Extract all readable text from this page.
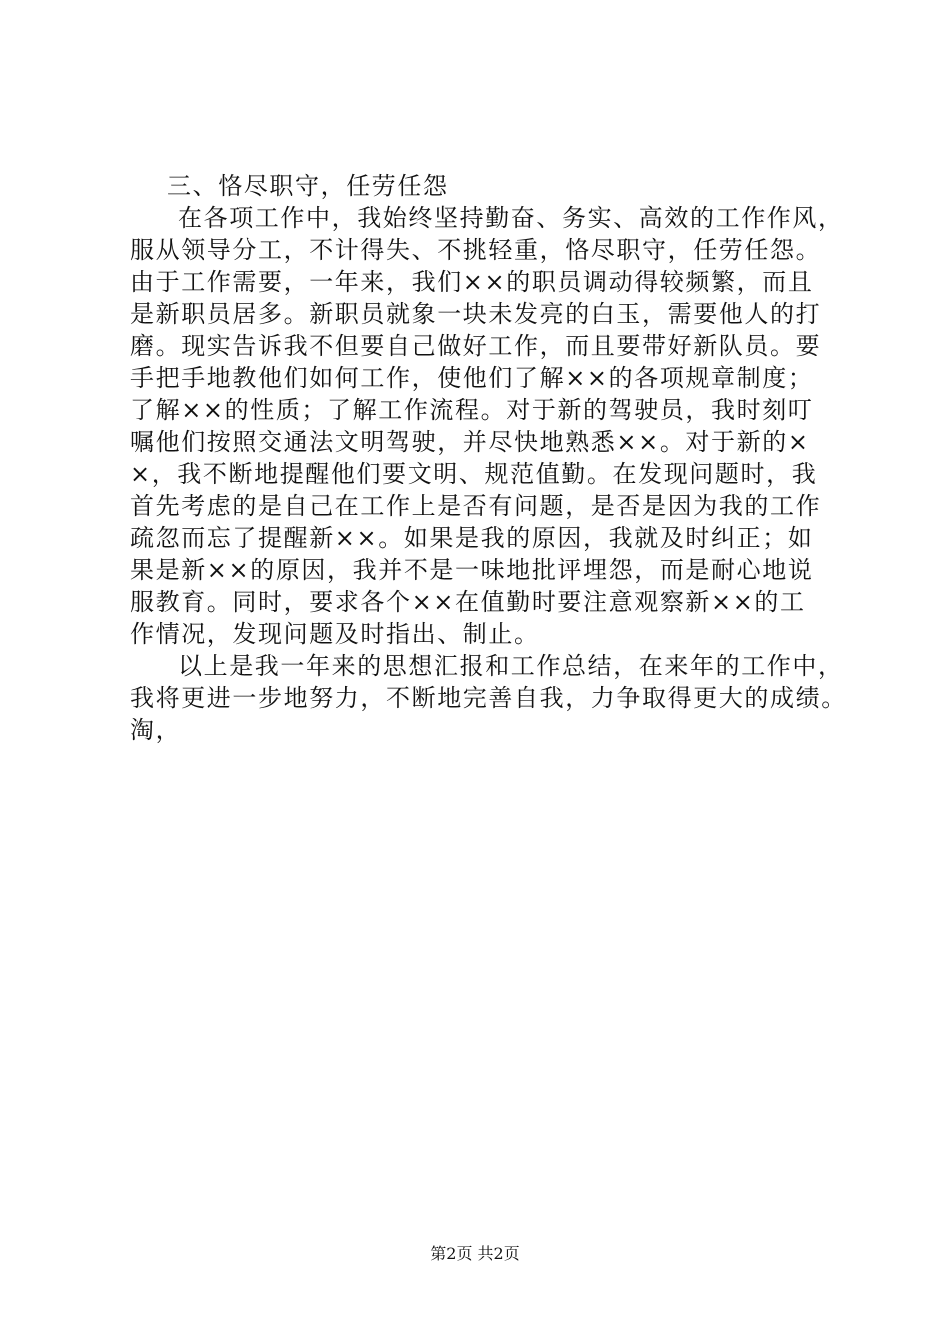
三、恪尽职守，任劳任怨
在各项工作中，我始终坚持勤奋、务实、高效的工作作风，
服从领导分工，不计得失、不挑轻重，恪尽职守，任劳任怨。
由于工作需要，一年来，我们××的职员调动得较频繁，而且
是新职员居多。新职员就象一块未发亮的白玉，需要他人的打
磨。现实告诉我不但要自己做好工作，而且要带好新队员。要
手把手地教他们如何工作，使他们了解××的各项规章制度；
了解××的性质；了解工作流程。对于新的驾驶员，我时刻叮
嘱他们按照交通法文明驾驶，并尽快地熟悉××。对于新的×
×，我不断地提醒他们要文明、规范值勤。在发现问题时，我
首先考虑的是自己在工作上是否有问题，是否是因为我的工作
疏忽而忘了提醒新××。如果是我的原因，我就及时纠正；如
果是新××的原因，我并不是一味地批评埋怨，而是耐心地说
服教育。同时，要求各个××在值勤时要注意观察新××的工
作情况，发现问题及时指出、制止。
以上是我一年来的思想汇报和工作总结，在来年的工作中，
我将更进一步地努力，不断地完善自我，力争取得更大的成绩。
淘，
第2页 共2页
